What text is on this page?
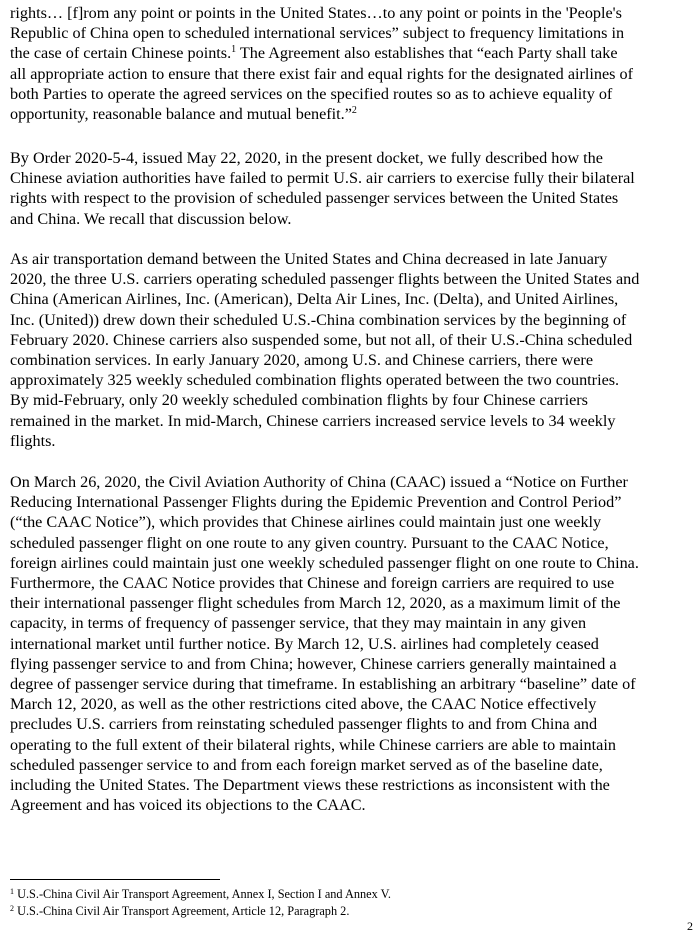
rights… [f]rom any point or points in the United States…to any point or points in the 'People's
Republic of China open to scheduled international services” subject to frequency limitations in
the case of certain Chinese points.$^1$ The Agreement also establishes that “each Party shall take
all appropriate action to ensure that there exist fair and equal rights for the designated airlines of
both Parties to operate the agreed services on the specified routes so as to achieve equality of
opportunity, reasonable balance and mutual benefit.”$^2$

By Order 2020-5-4, issued May 22, 2020, in the present docket, we fully described how the
Chinese aviation authorities have failed to permit U.S. air carriers to exercise fully their bilateral
rights with respect to the provision of scheduled passenger services between the United States
and China. We recall that discussion below.

As air transportation demand between the United States and China decreased in late January
2020, the three U.S. carriers operating scheduled passenger flights between the United States and
China (American Airlines, Inc. (American), Delta Air Lines, Inc. (Delta), and United Airlines,
Inc. (United)) drew down their scheduled U.S.-China combination services by the beginning of
February 2020. Chinese carriers also suspended some, but not all, of their U.S.-China scheduled
combination services. In early January 2020, among U.S. and Chinese carriers, there were
approximately 325 weekly scheduled combination flights operated between the two countries.
By mid-February, only 20 weekly scheduled combination flights by four Chinese carriers
remained in the market. In mid-March, Chinese carriers increased service levels to 34 weekly
flights.

On March 26, 2020, the Civil Aviation Authority of China (CAAC) issued a “Notice on Further
Reducing International Passenger Flights during the Epidemic Prevention and Control Period”
(“the CAAC Notice”), which provides that Chinese airlines could maintain just one weekly
scheduled passenger flight on one route to any given country. Pursuant to the CAAC Notice,
foreign airlines could maintain just one weekly scheduled passenger flight on one route to China.
Furthermore, the CAAC Notice provides that Chinese and foreign carriers are required to use
their international passenger flight schedules from March 12, 2020, as a maximum limit of the
capacity, in terms of frequency of passenger service, that they may maintain in any given
international market until further notice. By March 12, U.S. airlines had completely ceased
flying passenger service to and from China; however, Chinese carriers generally maintained a
degree of passenger service during that timeframe. In establishing an arbitrary “baseline” date of
March 12, 2020, as well as the other restrictions cited above, the CAAC Notice effectively
precludes U.S. carriers from reinstating scheduled passenger flights to and from China and
operating to the full extent of their bilateral rights, while Chinese carriers are able to maintain
scheduled passenger service to and from each foreign market served as of the baseline date,
including the United States. The Department views these restrictions as inconsistent with the
Agreement and has voiced its objections to the CAAC.

$^1$ U.S.-China Civil Air Transport Agreement, Annex I, Section I and Annex V.
$^2$ U.S.-China Civil Air Transport Agreement, Article 12, Paragraph 2.
2
